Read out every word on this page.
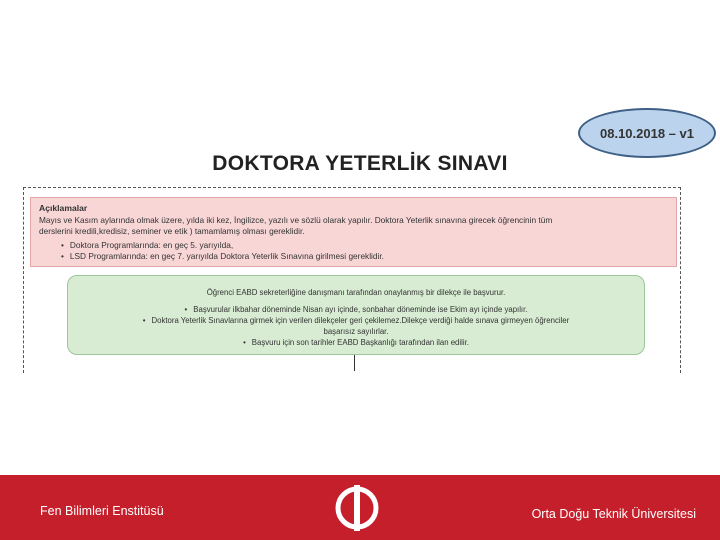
08.10.2018 – v1
DOKTORA YETERLİK SINAVI
Açıklamalar
Mayıs ve Kasım aylarında olmak üzere, yılda iki kez, İngilizce, yazılı ve sözlü olarak yapılır. Doktora Yeterlik sınavına girecek öğrencinin tüm
derslerini kredili,kredisiz, seminer ve etik ) tamamlamış olması gereklidir.
• Doktora Programlarında: en geç 5. yarıyılda,
• LSD Programlarında: en geç 7. yarıyılda Doktora Yeterlik Sınavına girilmesi gereklidir.
Öğrenci EABD sekreterliğine danışmanı tarafından onaylanmış bir dilekçe ile başvurur.
• Başvurular ilkbahar döneminde Nisan ayı içinde, sonbahar döneminde ise Ekim ayı içinde yapılır.
• Doktora Yeterlik Sınavlarına girmek için verilen dilekçeler geri çekilemez.Dilekçe verdiği halde sınava girmeyen öğrenciler
başarısız sayılırlar.
• Başvuru için son tarihler EABD Başkanlığı tarafından ilan edilir.
Fen Bilimleri Enstitüsü	Orta Doğu Teknik Üniversitesi
